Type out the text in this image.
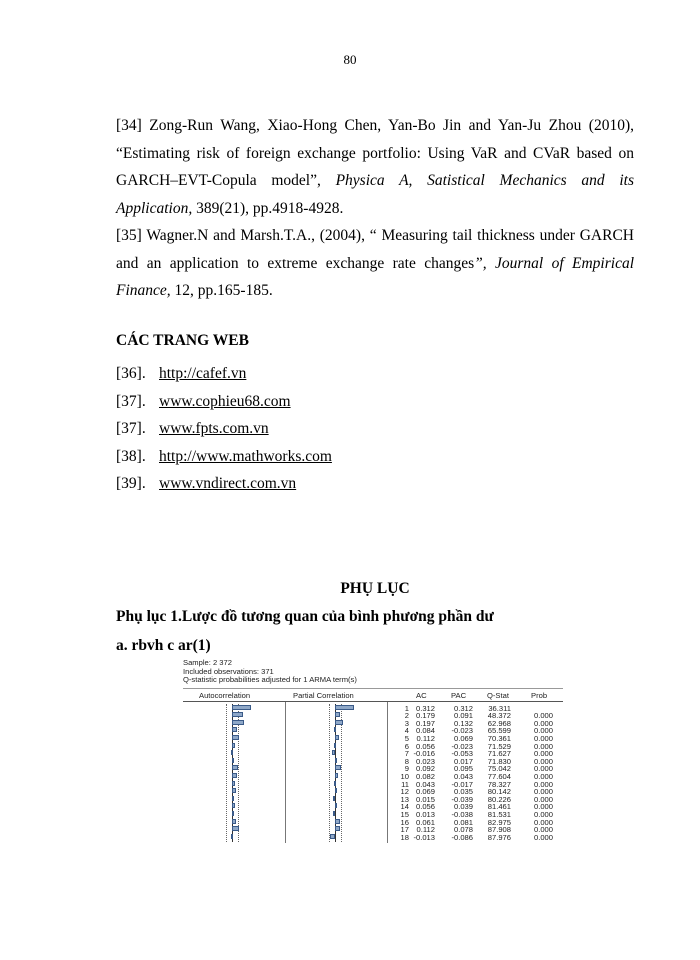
80

[34] Zong-Run Wang, Xiao-Hong Chen, Yan-Bo Jin and Yan-Ju Zhou (2010), “Estimating risk of foreign exchange portfolio: Using VaR and CVaR based on GARCH–EVT-Copula model”, Physica A, Satistical Mechanics and its Application, 389(21), pp.4918-4928.

[35] Wagner.N and Marsh.T.A., (2004), “ Measuring tail thickness under GARCH and an application to extreme exchange rate changes”, Journal of Empirical Finance, 12, pp.165-185.

CÁC TRANG WEB
[36]. http://cafef.vn
[37]. www.cophieu68.com
[37]. www.fpts.com.vn
[38]. http://www.mathworks.com
[39]. www.vndirect.com.vn
PHỤ LỤC
Phụ lục 1.Lược đồ tương quan của bình phương phần dư
a. rbvh c ar(1)
Sample: 2 372
Included observations: 371
Q-statistic probabilities adjusted for 1 ARMA term(s)
Autocorrelation	Partial Correlation	AC	PAC	Q-Stat	Prob
1 0.312	0.312	36.311
2 0.179	0.091	48.372	0.000
3 0.197	0.132	62.968	0.000
4 0.084	-0.023	65.599	0.000
5 0.112	0.069	70.361	0.000
6 0.056	-0.023	71.529	0.000
7 -0.016	-0.053	71.627	0.000
8 0.023	0.017	71.830	0.000
9 0.092	0.095	75.042	0.000
10 0.082	0.043	77.604	0.000
11 0.043	-0.017	78.327	0.000
12 0.069	0.035	80.142	0.000
13 0.015	-0.039	80.226	0.000
14 0.056	0.039	81.461	0.000
15 0.013	-0.038	81.531	0.000
16 0.061	0.081	82.975	0.000
17 0.112	0.078	87.908	0.000
18 -0.013	-0.086	87.976	0.000
